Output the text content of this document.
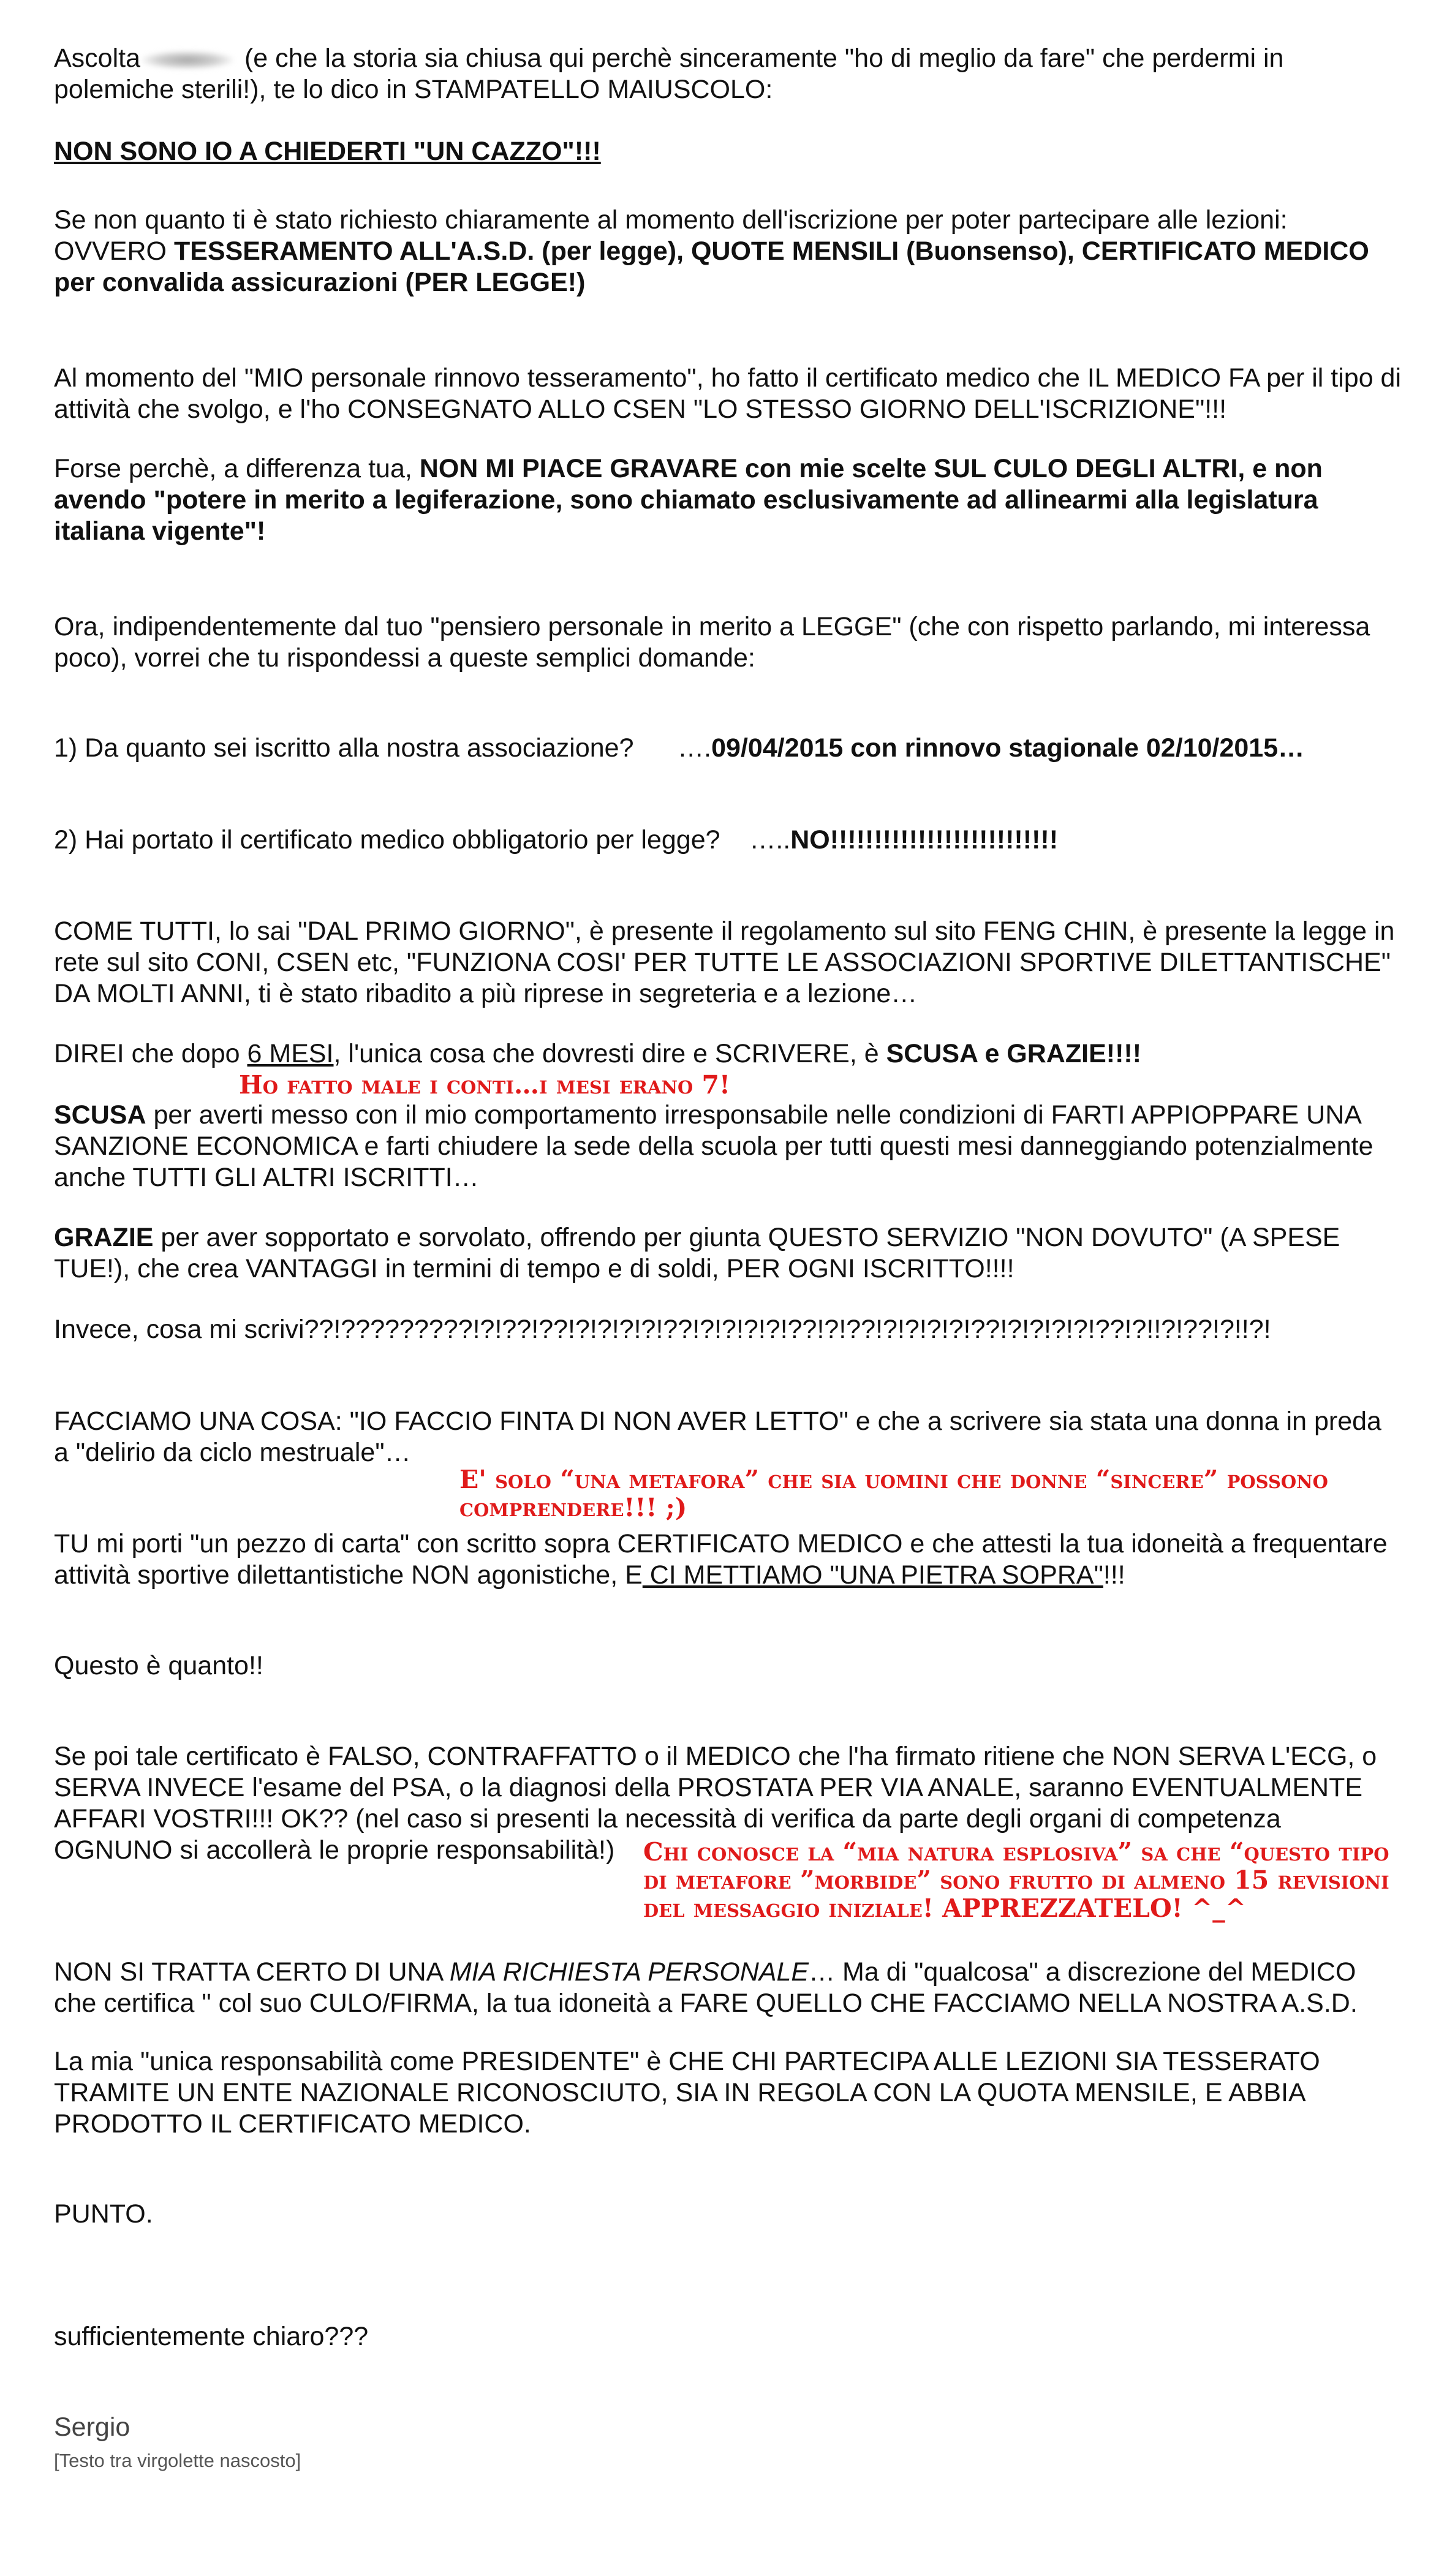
Ascolta	(e che la storia sia chiusa qui perchè sinceramente "ho di meglio da fare" che perdermi in polemiche sterili!), te lo dico in STAMPATELLO MAIUSCOLO:

NON SONO IO A CHIEDERTI "UN CAZZO"!!!

Se non quanto ti è stato richiesto chiaramente al momento dell'iscrizione per poter partecipare alle lezioni: OVVERO TESSERAMENTO ALL'A.S.D. (per legge), QUOTE MENSILI (Buonsenso), CERTIFICATO MEDICO per convalida assicurazioni (PER LEGGE!)

Al momento del "MIO personale rinnovo tesseramento", ho fatto il certificato medico che IL MEDICO FA per il tipo di attività che svolgo, e l'ho CONSEGNATO ALLO CSEN "LO STESSO GIORNO DELL'ISCRIZIONE"!!!

Forse perchè, a differenza tua, NON MI PIACE GRAVARE con mie scelte SUL CULO DEGLI ALTRI, e non avendo "potere in merito a legiferazione, sono chiamato esclusivamente ad allinearmi alla legislatura italiana vigente"!

Ora, indipendentemente dal tuo "pensiero personale in merito a LEGGE" (che con rispetto parlando, mi interessa poco), vorrei che tu rispondessi a queste semplici domande:

1) Da quanto sei iscritto alla nostra associazione?      ….09/04/2015 con rinnovo stagionale 02/10/2015…

2) Hai portato il certificato medico obbligatorio per legge?    …..NO!!!!!!!!!!!!!!!!!!!!!!!!!!

COME TUTTI, lo sai "DAL PRIMO GIORNO", è presente il regolamento sul sito FENG CHIN, è presente la legge in rete sul sito CONI, CSEN etc, "FUNZIONA COSI' PER TUTTE LE ASSOCIAZIONI SPORTIVE DILETTANTISCHE" DA MOLTI ANNI, ti è stato ribadito a più riprese in segreteria e a lezione…

DIREI che dopo 6 MESI, l'unica cosa che dovresti dire e SCRIVERE, è SCUSA e GRAZIE!!!!

Ho fatto male i conti…i mesi erano 7!

SCUSA per averti messo con il mio comportamento irresponsabile nelle condizioni di FARTI APPIOPPARE UNA SANZIONE ECONOMICA e farti chiudere la sede della scuola per tutti questi mesi danneggiando potenzialmente anche TUTTI GLI ALTRI ISCRITTI…

GRAZIE per aver sopportato e sorvolato, offrendo per giunta QUESTO SERVIZIO "NON DOVUTO" (A SPESE TUE!), che crea VANTAGGI in termini di tempo e di soldi, PER OGNI ISCRITTO!!!!

Invece, cosa mi scrivi??!?????????!?!??!??!?!?!?!?!??!?!?!?!?!??!?!??!?!?!?!?!??!?!?!?!?!??!?!!?!??!?!!?!

FACCIAMO UNA COSA: "IO FACCIO FINTA DI NON AVER LETTO" e che a scrivere sia stata una donna in preda a "delirio da ciclo mestruale"…

E' solo “una metafora” che sia uomini che donne “sincere” possono comprendere!!! ;)

TU mi porti "un pezzo di carta" con scritto sopra CERTIFICATO MEDICO e che attesti la tua idoneità a frequentare attività sportive dilettantistiche NON agonistiche, E CI METTIAMO "UNA PIETRA SOPRA"!!!

Questo è quanto!!

Se poi tale certificato è FALSO, CONTRAFFATTO o il MEDICO che l'ha firmato ritiene che NON SERVA L'ECG, o SERVA INVECE l'esame del PSA, o la diagnosi della PROSTATA PER VIA ANALE, saranno EVENTUALMENTE AFFARI VOSTRI!!! OK?? (nel caso si presenti la necessità di verifica da parte degli organi di competenza OGNUNO si accollerà le proprie responsabilità!)	Chi conosce la “mia natura esplosiva” sa che “questo tipo di metafore ”morbide” sono frutto di almeno 15 revisioni del messaggio iniziale! APPREZZATELO! ^_^

NON SI TRATTA CERTO DI UNA MIA RICHIESTA PERSONALE… Ma di "qualcosa" a discrezione del MEDICO che certifica " col suo CULO/FIRMA, la tua idoneità a FARE QUELLO CHE FACCIAMO NELLA NOSTRA A.S.D.

La mia "unica responsabilità come PRESIDENTE" è CHE CHI PARTECIPA ALLE LEZIONI SIA TESSERATO TRAMITE UN ENTE NAZIONALE RICONOSCIUTO, SIA IN REGOLA CON LA QUOTA MENSILE, E ABBIA PRODOTTO IL CERTIFICATO MEDICO.

PUNTO.

sufficientemente chiaro???

Sergio

[Testo tra virgolette nascosto]
